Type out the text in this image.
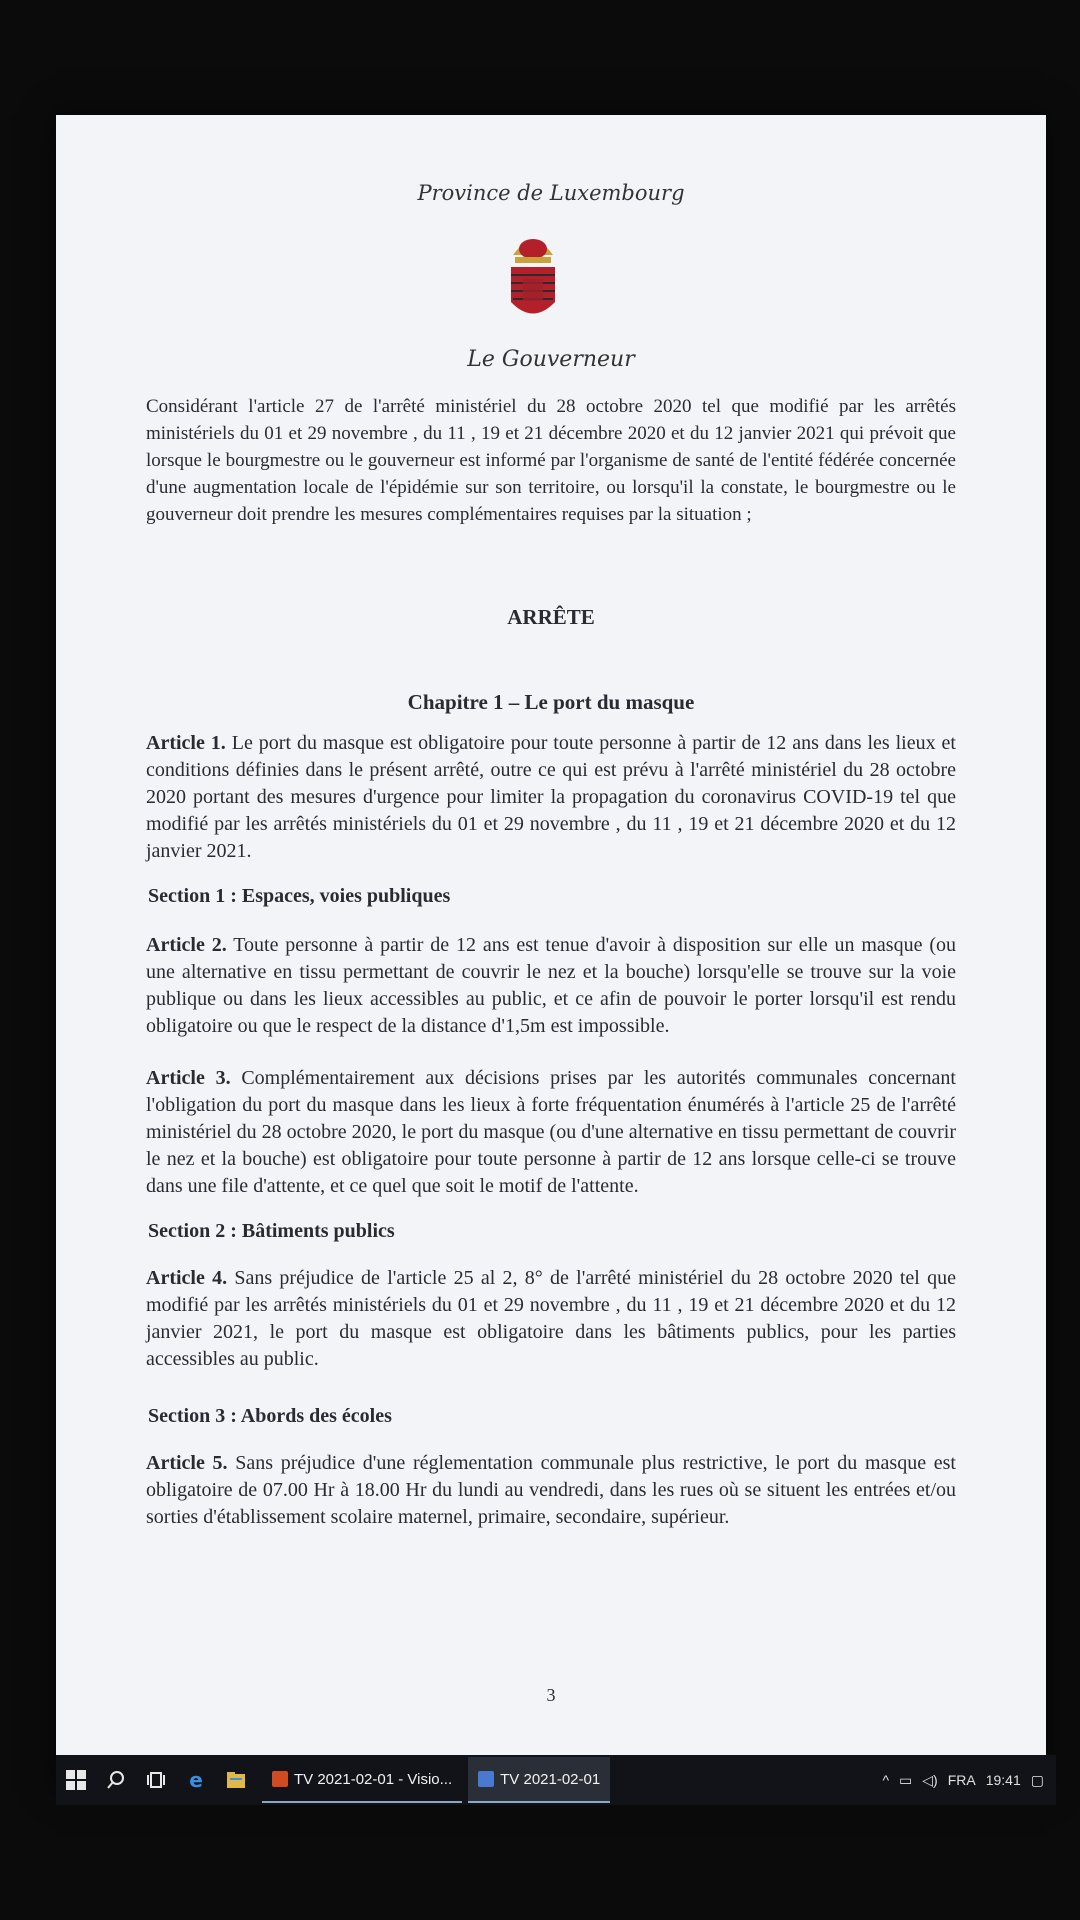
Province de Luxembourg
Le Gouverneur
Considérant l'article 27 de l'arrêté ministériel du 28 octobre 2020 tel que modifié par les arrêtés ministériels du 01 et 29 novembre , du 11 , 19 et 21 décembre 2020 et du 12 janvier 2021 qui prévoit que lorsque le bourgmestre ou le gouverneur est informé par l'organisme de santé de l'entité fédérée concernée d'une augmentation locale de l'épidémie sur son territoire, ou lorsqu'il la constate, le bourgmestre ou le gouverneur doit prendre les mesures complémentaires requises par la situation ;
ARRÊTE
Chapitre 1 – Le port du masque

Article 1. Le port du masque est obligatoire pour toute personne à partir de 12 ans dans les lieux et conditions définies dans le présent arrêté, outre ce qui est prévu à l'arrêté ministériel du 28 octobre 2020 portant des mesures d'urgence pour limiter la propagation du coronavirus COVID-19 tel que modifié par les arrêtés ministériels du 01 et 29 novembre , du 11 , 19 et 21 décembre 2020 et du 12 janvier 2021.

Section 1 : Espaces, voies publiques

Article 2. Toute personne à partir de 12 ans est tenue d'avoir à disposition sur elle un masque (ou une alternative en tissu permettant de couvrir le nez et la bouche) lorsqu'elle se trouve sur la voie publique ou dans les lieux accessibles au public, et ce afin de pouvoir le porter lorsqu'il est rendu obligatoire ou que le respect de la distance d'1,5m est impossible.

Article 3. Complémentairement aux décisions prises par les autorités communales concernant l'obligation du port du masque dans les lieux à forte fréquentation énumérés à l'article 25 de l'arrêté ministériel du 28 octobre 2020, le port du masque (ou d'une alternative en tissu permettant de couvrir le nez et la bouche) est obligatoire pour toute personne à partir de 12 ans lorsque celle-ci se trouve dans une file d'attente, et ce quel que soit le motif de l'attente.

Section 2 : Bâtiments publics

Article 4. Sans préjudice de l'article 25 al 2, 8° de l'arrêté ministériel du 28 octobre 2020 tel que modifié par les arrêtés ministériels du 01 et 29 novembre , du 11 , 19 et 21 décembre 2020 et du 12 janvier 2021, le port du masque est obligatoire dans les bâtiments publics, pour les parties accessibles au public.

Section 3 : Abords des écoles

Article 5. Sans préjudice d'une réglementation communale plus restrictive, le port du masque est obligatoire de 07.00 Hr à 18.00 Hr du lundi au vendredi, dans les rues où se situent les entrées et/ou sorties d'établissement scolaire maternel, primaire, secondaire, supérieur.

3
e	TV 2021-02-01 - Visio...	TV 2021-02-01	^ ▭ ◁) FRA 19:41 ▢
